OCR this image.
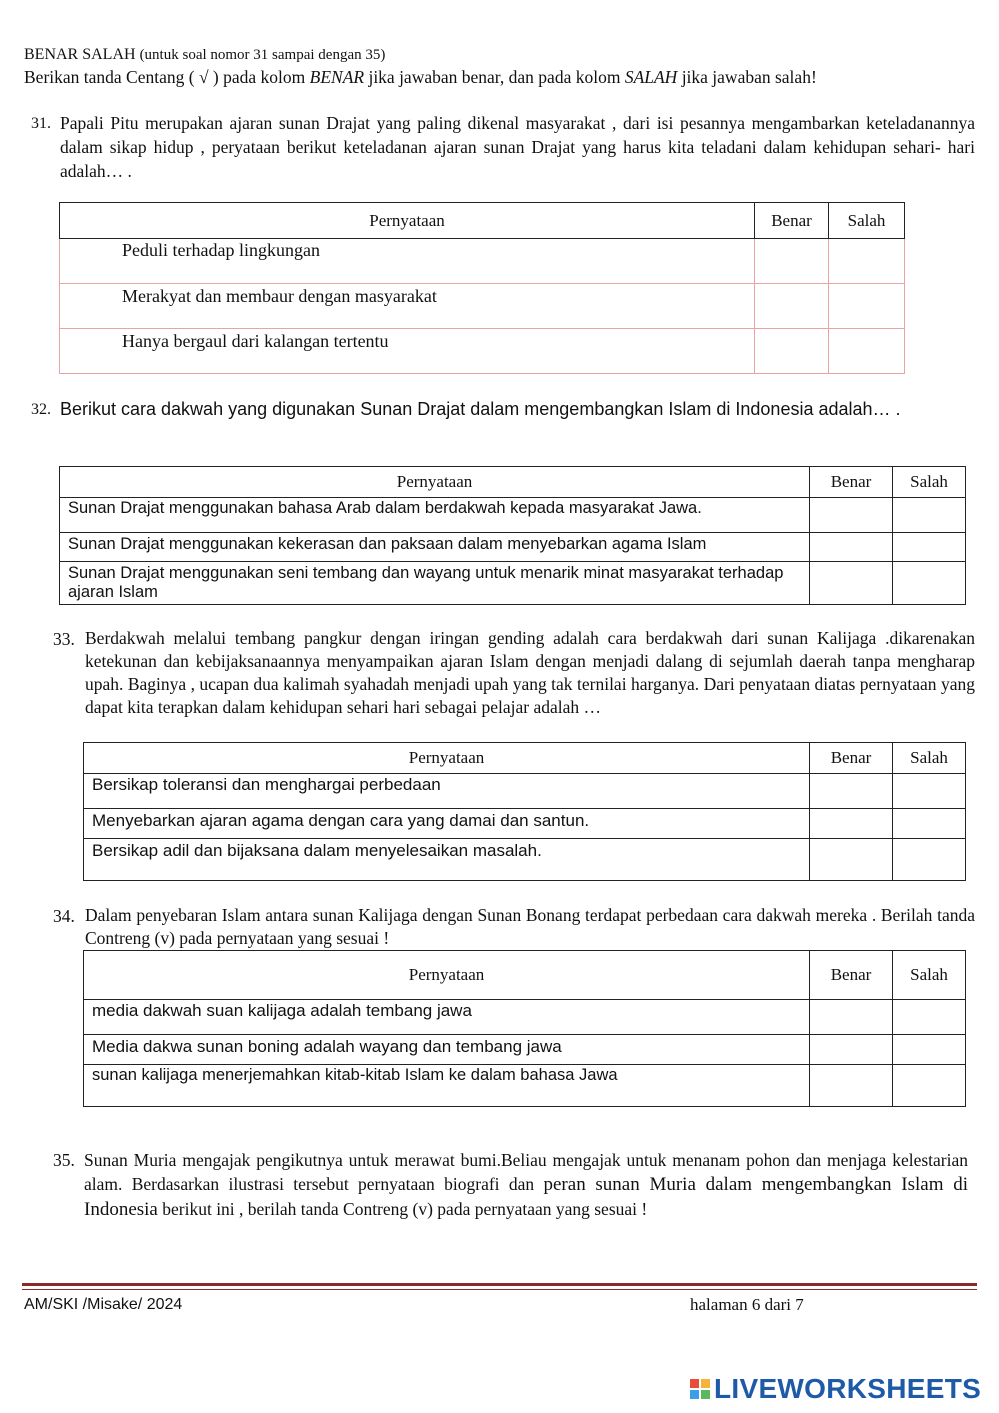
BENAR SALAH (untuk soal nomor 31 sampai dengan 35)
Berikan tanda Centang ( √ ) pada kolom BENAR jika jawaban benar, dan pada kolom SALAH jika jawaban salah!
31. Papali Pitu merupakan ajaran sunan Drajat yang paling dikenal masyarakat , dari isi pesannya mengambarkan keteladanannya dalam sikap hidup , peryataan berikut keteladanan ajaran sunan Drajat yang harus kita teladani dalam kehidupan sehari- hari adalah… .
Pernyataan	Benar	Salah

Peduli terhadap lingkungan		

Merakyat dan membaur dengan masyarakat		

Hanya bergaul dari kalangan tertentu		

32. Berikut cara dakwah yang digunakan Sunan Drajat dalam mengembangkan Islam di Indonesia adalah… .
Pernyataan	Benar	Salah

Sunan Drajat menggunakan bahasa Arab dalam berdakwah kepada masyarakat Jawa.		

Sunan Drajat menggunakan kekerasan dan paksaan dalam menyebarkan agama Islam		

Sunan Drajat menggunakan seni tembang dan wayang untuk menarik minat masyarakat terhadap ajaran Islam		

33. Berdakwah melalui tembang pangkur dengan iringan gending adalah cara berdakwah dari sunan Kalijaga .dikarenakan ketekunan dan kebijaksanaannya menyampaikan ajaran Islam dengan menjadi dalang di sejumlah daerah tanpa mengharap upah. Baginya , ucapan dua kalimah syahadah menjadi upah yang tak ternilai harganya. Dari penyataan diatas pernyataan yang dapat kita terapkan dalam kehidupan sehari hari sebagai pelajar adalah …
Pernyataan	Benar	Salah

Bersikap toleransi dan menghargai perbedaan		

Menyebarkan ajaran agama dengan cara yang damai dan santun.		

Bersikap adil dan bijaksana dalam menyelesaikan masalah.		

34. Dalam penyebaran Islam antara sunan Kalijaga dengan Sunan Bonang terdapat perbedaan cara dakwah mereka . Berilah tanda Contreng (v) pada pernyataan yang sesuai !
Pernyataan	Benar	Salah

media dakwah suan kalijaga adalah tembang jawa		

Media dakwa sunan boning adalah wayang dan tembang jawa		

sunan kalijaga menerjemahkan kitab-kitab Islam ke dalam bahasa Jawa		

35. Sunan Muria mengajak pengikutnya untuk merawat bumi.Beliau mengajak untuk menanam pohon dan menjaga kelestarian alam. Berdasarkan ilustrasi tersebut pernyataan biografi dan peran sunan Muria dalam mengembangkan Islam di Indonesia berikut ini , berilah tanda Contreng (v) pada pernyataan yang sesuai !
AM/SKI /Misake/ 2024	halaman 6 dari 7
LIVEWORKSHEETS
